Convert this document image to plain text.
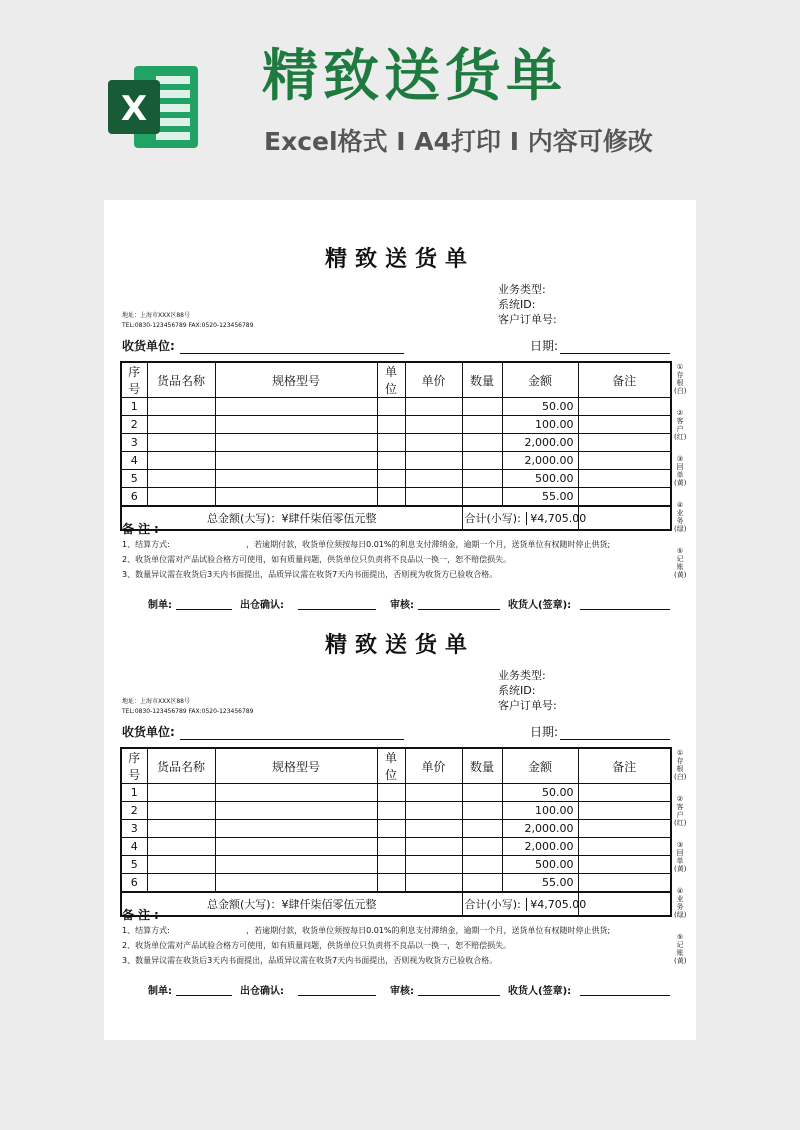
X 精致送货单
Excel格式 I A4打印 I 内容可修改
精致送货单
业务类型:
系统ID:
客户订单号:
地址：上海市XXX区88号
TEL:0830-123456789 FAX:0520-123456789
收货单位:	日期:
序号	货品名称	规格型号	单位	单价	数量	金额	备注
1						50.00	
2						100.00	
3						2,000.00	
4						2,000.00	
5						500.00	
6						55.00	
总金额(大写)：¥肆仟柒佰零伍元整					合计(小写): ¥4,705.00		
①存根(白)
②客户(红)
③回单(黄)
④业务(绿)
⑤记账(黄)
备注:
1、结算方式:                              ，若逾期付款，收货单位须按每日0.01%的利息支付滞纳金，逾期一个月，送货单位有权随时停止供货;
2、收货单位需对产品试验合格方可使用，如有质量问题，供货单位只负责将不良品以一换一，恕不赔偿损失。
3、数量异议需在收货后3天内书面提出，品质异议需在收货7天内书面提出，否则视为收货方已验收合格。
制单:	出仓确认:	审核:	收货人(签章):
精致送货单
业务类型:
系统ID:
客户订单号:
地址：上海市XXX区88号
TEL:0830-123456789 FAX:0520-123456789
收货单位:	日期:
序号	货品名称	规格型号	单位	单价	数量	金额	备注
1						50.00	
2						100.00	
3						2,000.00	
4						2,000.00	
5						500.00	
6						55.00	
总金额(大写)：¥肆仟柒佰零伍元整					合计(小写): ¥4,705.00		
①存根(白)
②客户(红)
③回单(黄)
④业务(绿)
⑤记账(黄)
备注:
1、结算方式:                              ，若逾期付款，收货单位须按每日0.01%的利息支付滞纳金，逾期一个月，送货单位有权随时停止供货;
2、收货单位需对产品试验合格方可使用，如有质量问题，供货单位只负责将不良品以一换一，恕不赔偿损失。
3、数量异议需在收货后3天内书面提出，品质异议需在收货7天内书面提出，否则视为收货方已验收合格。
制单:	出仓确认:	审核:	收货人(签章):
